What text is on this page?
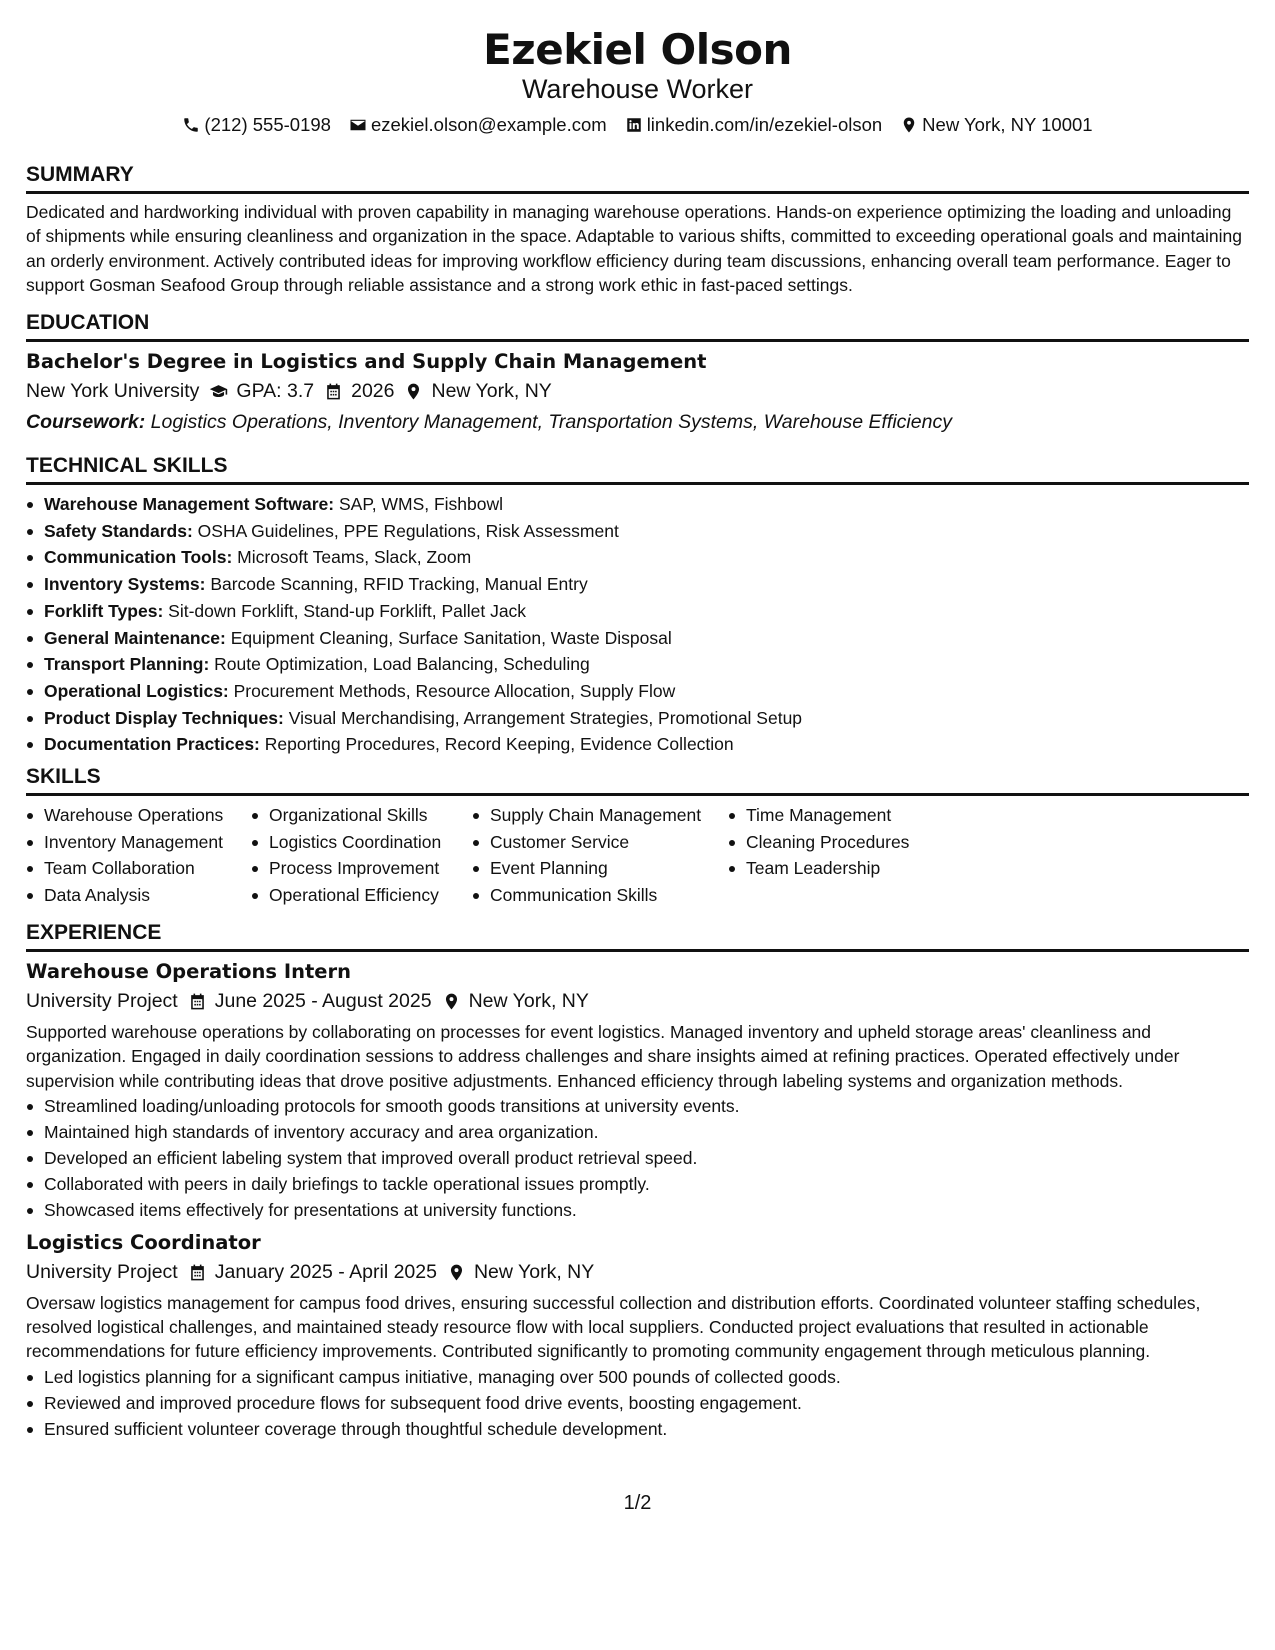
Ezekiel Olson
Warehouse Worker
(212) 555-0198 ezekiel.olson@example.com linkedin.com/in/ezekiel-olson New York, NY 10001
SUMMARY

Dedicated and hardworking individual with proven capability in managing warehouse operations. Hands-on experience optimizing the loading and unloading of shipments while ensuring cleanliness and organization in the space. Adaptable to various shifts, committed to exceeding operational goals and maintaining an orderly environment. Actively contributed ideas for improving workflow efficiency during team discussions, enhancing overall team performance. Eager to support Gosman Seafood Group through reliable assistance and a strong work ethic in fast-paced settings.

EDUCATION
Bachelor's Degree in Logistics and Supply Chain Management
New York University GPA: 3.7 2026 New York, NY
Coursework: Logistics Operations, Inventory Management, Transportation Systems, Warehouse Efficiency
TECHNICAL SKILLS
Warehouse Management Software: SAP, WMS, Fishbowl
Safety Standards: OSHA Guidelines, PPE Regulations, Risk Assessment
Communication Tools: Microsoft Teams, Slack, Zoom
Inventory Systems: Barcode Scanning, RFID Tracking, Manual Entry
Forklift Types: Sit-down Forklift, Stand-up Forklift, Pallet Jack
General Maintenance: Equipment Cleaning, Surface Sanitation, Waste Disposal
Transport Planning: Route Optimization, Load Balancing, Scheduling
Operational Logistics: Procurement Methods, Resource Allocation, Supply Flow
Product Display Techniques: Visual Merchandising, Arrangement Strategies, Promotional Setup
Documentation Practices: Reporting Procedures, Record Keeping, Evidence Collection
SKILLS
Warehouse Operations
Inventory Management
Team Collaboration
Data Analysis
Organizational Skills
Logistics Coordination
Process Improvement
Operational Efficiency
Supply Chain Management
Customer Service
Event Planning
Communication Skills
Time Management
Cleaning Procedures
Team Leadership
EXPERIENCE
Warehouse Operations Intern
University Project June 2025 - August 2025 New York, NY

Supported warehouse operations by collaborating on processes for event logistics. Managed inventory and upheld storage areas' cleanliness and organization. Engaged in daily coordination sessions to address challenges and share insights aimed at refining practices. Operated effectively under supervision while contributing ideas that drove positive adjustments. Enhanced efficiency through labeling systems and organization methods.

Streamlined loading/unloading protocols for smooth goods transitions at university events.
Maintained high standards of inventory accuracy and area organization.
Developed an efficient labeling system that improved overall product retrieval speed.
Collaborated with peers in daily briefings to tackle operational issues promptly.
Showcased items effectively for presentations at university functions.
Logistics Coordinator
University Project January 2025 - April 2025 New York, NY

Oversaw logistics management for campus food drives, ensuring successful collection and distribution efforts. Coordinated volunteer staffing schedules, resolved logistical challenges, and maintained steady resource flow with local suppliers. Conducted project evaluations that resulted in actionable recommendations for future efficiency improvements. Contributed significantly to promoting community engagement through meticulous planning.

Led logistics planning for a significant campus initiative, managing over 500 pounds of collected goods.
Reviewed and improved procedure flows for subsequent food drive events, boosting engagement.
Ensured sufficient volunteer coverage through thoughtful schedule development.
1/2
